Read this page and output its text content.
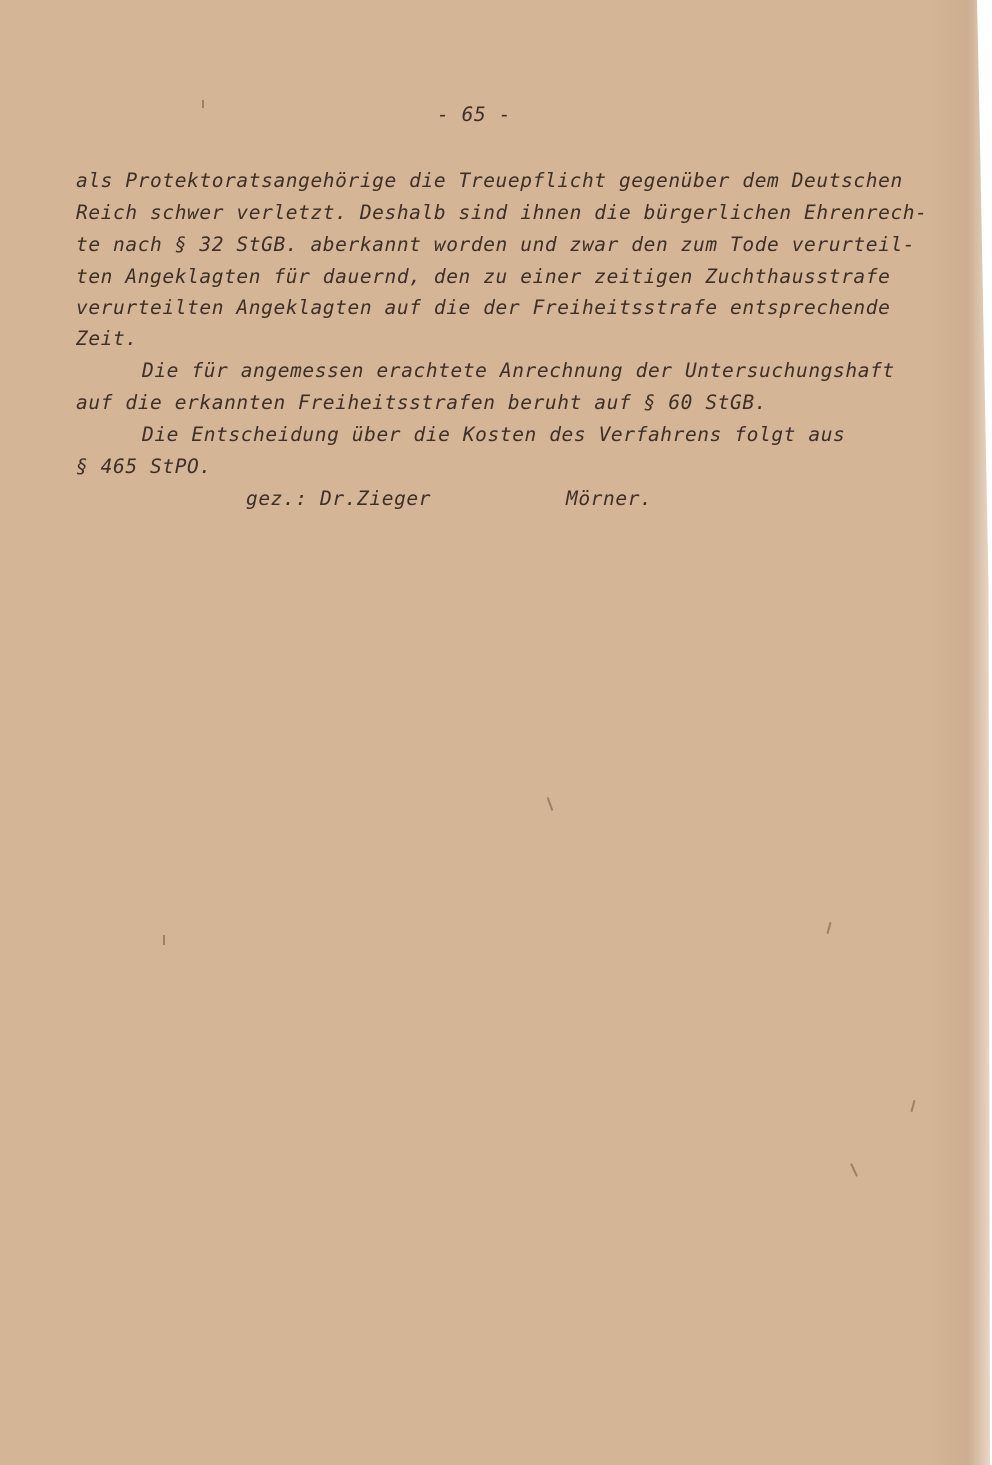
- 65 -
als Protektoratsangehörige die Treuepflicht gegenüber dem Deutschen
Reich schwer verletzt. Deshalb sind ihnen die bürgerlichen Ehrenrech-
te nach § 32 StGB. aberkannt worden und zwar den zum Tode verurteil-
ten Angeklagten für dauernd, den zu einer zeitigen Zuchthausstrafe
verurteilten Angeklagten auf die der Freiheitsstrafe entsprechende
Zeit.
Die für angemessen erachtete Anrechnung der Untersuchungshaft
auf die erkannten Freiheitsstrafen beruht auf § 60 StGB.
Die Entscheidung über die Kosten des Verfahrens folgt aus
§ 465 StPO.
gez.: Dr.Zieger	Mörner.
